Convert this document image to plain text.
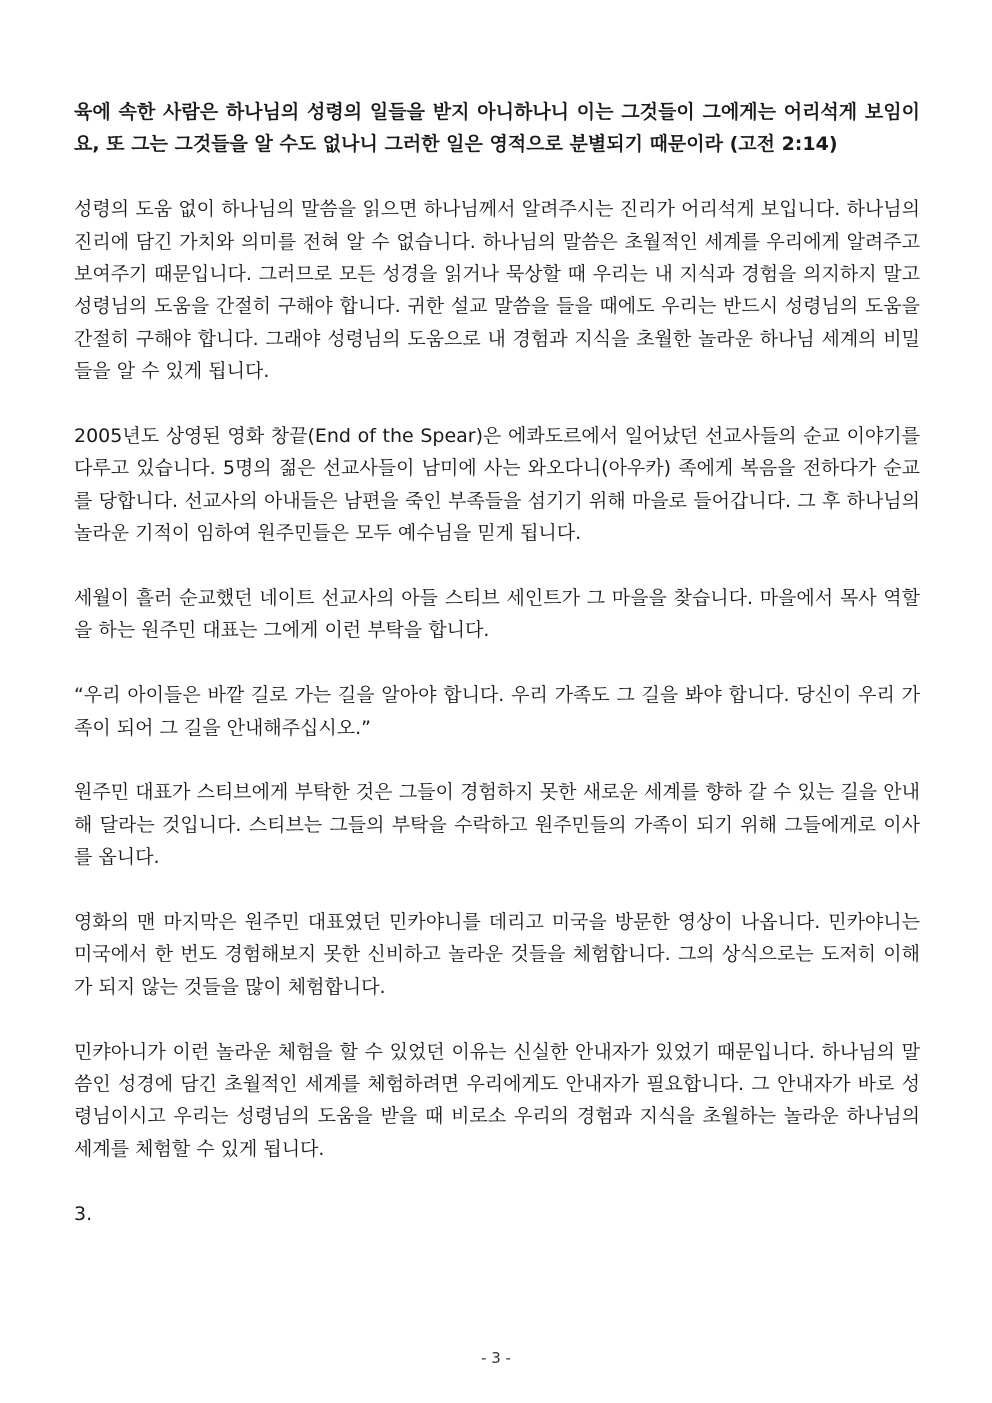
육에 속한 사람은 하나님의 성령의 일들을 받지 아니하나니 이는 그것들이 그에게는 어리석게 보임이요, 또 그는 그것들을 알 수도 없나니 그러한 일은 영적으로 분별되기 때문이라 (고전 2:14)

성령의 도움 없이 하나님의 말씀을 읽으면 하나님께서 알려주시는 진리가 어리석게 보입니다. 하나님의 진리에 담긴 가치와 의미를 전혀 알 수 없습니다. 하나님의 말씀은 초월적인 세계를 우리에게 알려주고 보여주기 때문입니다. 그러므로 모든 성경을 읽거나 묵상할 때 우리는 내 지식과 경험을 의지하지 말고 성령님의 도움을 간절히 구해야 합니다. 귀한 설교 말씀을 들을 때에도 우리는 반드시 성령님의 도움을 간절히 구해야 합니다. 그래야 성령님의 도움으로 내 경험과 지식을 초월한 놀라운 하나님 세계의 비밀들을 알 수 있게 됩니다.

2005년도 상영된 영화 창끝(End of the Spear)은 에콰도르에서 일어났던 선교사들의 순교 이야기를 다루고 있습니다. 5명의 젊은 선교사들이 남미에 사는 와오다니(아우카) 족에게 복음을 전하다가 순교를 당합니다. 선교사의 아내들은 남편을 죽인 부족들을 섬기기 위해 마을로 들어갑니다. 그 후 하나님의 놀라운 기적이 임하여 원주민들은 모두 예수님을 믿게 됩니다.

세월이 흘러 순교했던 네이트 선교사의 아들 스티브 세인트가 그 마을을 찾습니다. 마을에서 목사 역할을 하는 원주민 대표는 그에게 이런 부탁을 합니다.

“우리 아이들은 바깥 길로 가는 길을 알아야 합니다. 우리 가족도 그 길을 봐야 합니다. 당신이 우리 가족이 되어 그 길을 안내해주십시오.”

원주민 대표가 스티브에게 부탁한 것은 그들이 경험하지 못한 새로운 세계를 향하 갈 수 있는 길을 안내해 달라는 것입니다. 스티브는 그들의 부탁을 수락하고 원주민들의 가족이 되기 위해 그들에게로 이사를 옵니다.

영화의 맨 마지막은 원주민 대표였던 민카야니를 데리고 미국을 방문한 영상이 나옵니다. 민카야니는 미국에서 한 번도 경험해보지 못한 신비하고 놀라운 것들을 체험합니다. 그의 상식으로는 도저히 이해가 되지 않는 것들을 많이 체험합니다.

민캬아니가 이런 놀라운 체험을 할 수 있었던 이유는 신실한 안내자가 있었기 때문입니다. 하나님의 말씀인 성경에 담긴 초월적인 세계를 체험하려면 우리에게도 안내자가 필요합니다. 그 안내자가 바로 성령님이시고 우리는 성령님의 도움을 받을 때 비로소 우리의 경험과 지식을 초월하는 놀라운 하나님의 세계를 체험할 수 있게 됩니다.

3.

- 3 -
